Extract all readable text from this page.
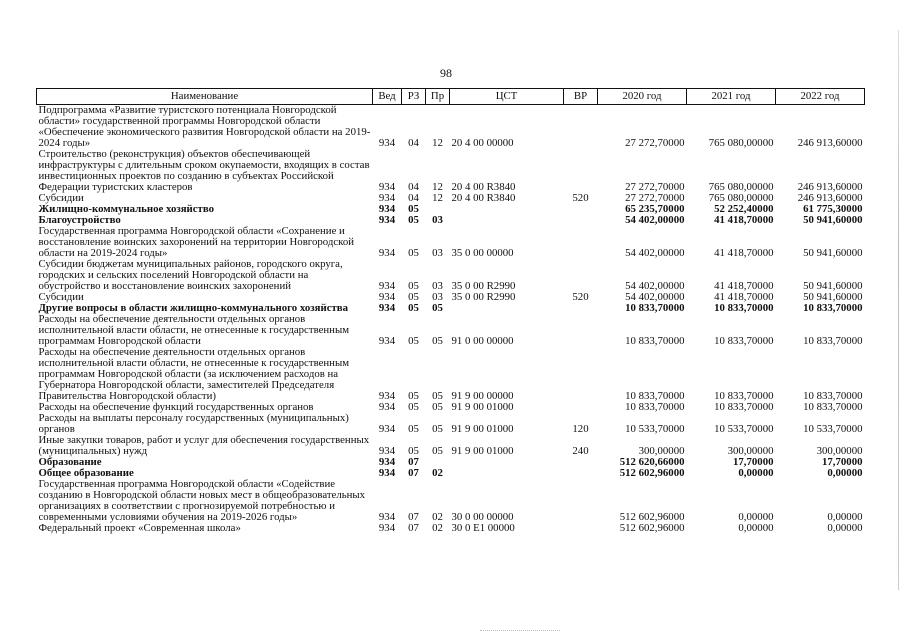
98
Наименование	Вед	РЗ	Пр	ЦСТ	ВР	2020 год	2021 год	2022 год
Подпрограмма «Развитие туристского потенциала Новгородской области» государственной программы Новгородской области «Обеспечение экономического развития Новгородской области на 2019-2024 годы»	934	04	12	20 4 00 00000		27 272,70000	765 080,00000	246 913,60000
Строительство (реконструкция) объектов обеспечивающей инфраструктуры с длительным сроком окупаемости, входящих в состав инвестиционных проектов по созданию в субъектах Российской Федерации туристских кластеров	934	04	12	20 4 00 R3840		27 272,70000	765 080,00000	246 913,60000
Субсидии	934	04	12	20 4 00 R3840	520	27 272,70000	765 080,00000	246 913,60000
Жилищно-коммунальное хозяйство	934	05				65 235,70000	52 252,40000	61 775,30000
Благоустройство	934	05	03			54 402,00000	41 418,70000	50 941,60000
Государственная программа Новгородской области «Сохранение и восстановление воинских захоронений на территории Новгородской области на 2019-2024 годы»	934	05	03	35 0 00 00000		54 402,00000	41 418,70000	50 941,60000
Субсидии бюджетам муниципальных районов, городского округа, городских и сельских поселений Новгородской области на обустройство и восстановление воинских захоронений	934	05	03	35 0 00 R2990		54 402,00000	41 418,70000	50 941,60000
Субсидии	934	05	03	35 0 00 R2990	520	54 402,00000	41 418,70000	50 941,60000
Другие вопросы в области жилищно-коммунального хозяйства	934	05	05			10 833,70000	10 833,70000	10 833,70000
Расходы на обеспечение деятельности отдельных органов исполнительной власти области, не отнесенные к государственным программам Новгородской области	934	05	05	91 0 00 00000		10 833,70000	10 833,70000	10 833,70000
Расходы на обеспечение деятельности отдельных органов исполнительной власти области, не отнесенные к государственным программам Новгородской области (за исключением расходов на Губернатора Новгородской области, заместителей Председателя Правительства Новгородской области)	934	05	05	91 9 00 00000		10 833,70000	10 833,70000	10 833,70000
Расходы на обеспечение функций государственных органов	934	05	05	91 9 00 01000		10 833,70000	10 833,70000	10 833,70000
Расходы на выплаты персоналу государственных (муниципальных) органов	934	05	05	91 9 00 01000	120	10 533,70000	10 533,70000	10 533,70000
Иные закупки товаров, работ и услуг для обеспечения государственных (муниципальных) нужд	934	05	05	91 9 00 01000	240	300,00000	300,00000	300,00000
Образование	934	07				512 620,66000	17,70000	17,70000
Общее образование	934	07	02			512 602,96000	0,00000	0,00000
Государственная программа Новгородской области «Содействие созданию в Новгородской области новых мест в общеобразовательных организациях в соответствии с прогнозируемой потребностью и современными условиями обучения на 2019-2026 годы»	934	07	02	30 0 00 00000		512 602,96000	0,00000	0,00000
Федеральный проект «Современная школа»	934	07	02	30 0 E1 00000		512 602,96000	0,00000	0,00000
